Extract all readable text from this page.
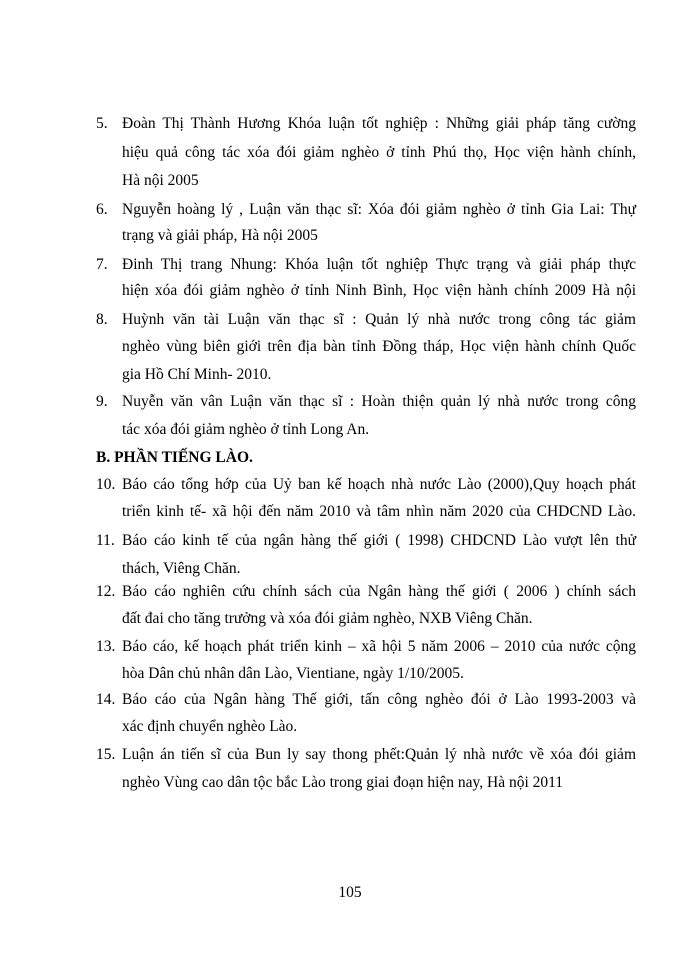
5. Đoàn Thị Thành Hương Khóa luận tốt nghiệp : Những giải pháp tăng cường
hiệu quả công tác xóa đói giảm nghèo ở tỉnh Phú thọ, Học viện hành chính,
Hà nội 2005
6. Nguyễn hoàng lý , Luận văn thạc sĩ: Xóa đói giảm nghèo ở tỉnh Gia Lai: Thự
trạng và giải pháp, Hà nội 2005
7. Đinh Thị trang Nhung: Khóa luận tốt nghiệp Thực trạng và giải pháp thực
hiện xóa đói giảm nghèo ở tỉnh Ninh Bình, Học viện hành chính 2009 Hà nội
8. Huỳnh văn tài Luận văn thạc sĩ : Quản lý nhà nước trong công tác giảm
nghèo vùng biên giới trên địa bàn tỉnh Đồng tháp, Học viện hành chính Quốc
gia Hồ Chí Minh- 2010.
9. Nuyễn văn vân Luận văn thạc sĩ : Hoàn thiện quản lý nhà nước trong công
tác xóa đói giảm nghèo ở tỉnh Long An.
B. PHẦN TIẾNG LÀO.
10. Báo cáo tổng hớp của Uỷ ban kế hoạch nhà nước Lào (2000),Quy hoạch phát
triển kinh tế- xã hội đến năm 2010 và tâm nhìn năm 2020 của CHDCND Lào.
11. Báo cáo kinh tế của ngân hàng thế giới ( 1998) CHDCND Lào vượt lên thử
thách, Viêng Chăn.
12. Báo cáo nghiên cứu chính sách của Ngân hàng thế giới ( 2006 ) chính sách
đất đai cho tăng trưởng và xóa đói giảm nghèo, NXB Viêng Chăn.
13. Báo cáo, kế hoạch phát triển kinh – xã hội 5 năm 2006 – 2010 của nước cộng
hòa Dân chủ nhân dân Lào, Vientiane, ngày 1/10/2005.
14. Báo cáo của Ngân hàng Thế giới, tấn công nghèo đói ở Lào 1993-2003 và
xác định chuyển nghèo Lào.
15. Luận án tiến sĩ của Bun ly say thong phết:Quản lý nhà nước về xóa đói giảm
nghèo Vùng cao dân tộc bắc Lào trong giai đoạn hiện nay, Hà nội 2011
105
